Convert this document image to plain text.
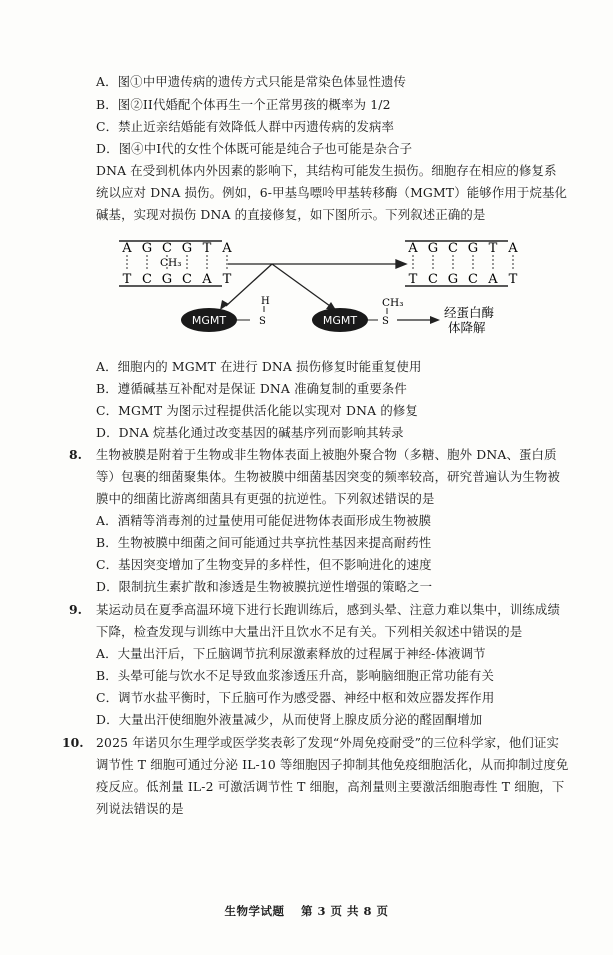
A．图①中甲遗传病的遗传方式只能是常染色体显性遗传
B．图②II代婚配个体再生一个正常男孩的概率为 1/2
C．禁止近亲结婚能有效降低人群中丙遗传病的发病率
D．图④中I代的女性个体既可能是纯合子也可能是杂合子
DNA 在受到机体内外因素的影响下，其结构可能发生损伤。细胞存在相应的修复系
统以应对 DNA 损伤。例如，6-甲基鸟嘌呤甲基转移酶（MGMT）能够作用于烷基化
碱基，实现对损伤 DNA 的直接修复，如下图所示。下列叙述正确的是
A G C G T A
T C G C A T
CH₃
A G C G T A
T C G C A T
MGMT	MGMT
H
S
CH₃
S
经蛋白酶
体降解
A．细胞内的 MGMT 在进行 DNA 损伤修复时能重复使用
B．遵循碱基互补配对是保证 DNA 准确复制的重要条件
C．MGMT 为图示过程提供活化能以实现对 DNA 的修复
D．DNA 烷基化通过改变基因的碱基序列而影响其转录
8. 生物被膜是附着于生物或非生物体表面上被胞外聚合物（多糖、胞外 DNA、蛋白质
等）包裹的细菌聚集体。生物被膜中细菌基因突变的频率较高，研究普遍认为生物被
膜中的细菌比游离细菌具有更强的抗逆性。下列叙述错误的是
A．酒精等消毒剂的过量使用可能促进物体表面形成生物被膜
B．生物被膜中细菌之间可能通过共享抗性基因来提高耐药性
C．基因突变增加了生物变异的多样性，但不影响进化的速度
D．限制抗生素扩散和渗透是生物被膜抗逆性增强的策略之一
9. 某运动员在夏季高温环境下进行长跑训练后，感到头晕、注意力难以集中，训练成绩
下降，检查发现与训练中大量出汗且饮水不足有关。下列相关叙述中错误的是
A．大量出汗后，下丘脑调节抗利尿激素释放的过程属于神经-体液调节
B．头晕可能与饮水不足导致血浆渗透压升高，影响脑细胞正常功能有关
C．调节水盐平衡时，下丘脑可作为感受器、神经中枢和效应器发挥作用
D．大量出汗使细胞外液量减少，从而使肾上腺皮质分泌的醛固酮增加
10. 2025 年诺贝尔生理学或医学奖表彰了发现“外周免疫耐受”的三位科学家，他们证实
调节性 T 细胞可通过分泌 IL-10 等细胞因子抑制其他免疫细胞活化，从而抑制过度免
疫反应。低剂量 IL-2 可激活调节性 T 细胞，高剂量则主要激活细胞毒性 T 细胞，下
列说法错误的是
生物学试题　 第 3 页 共 8 页
